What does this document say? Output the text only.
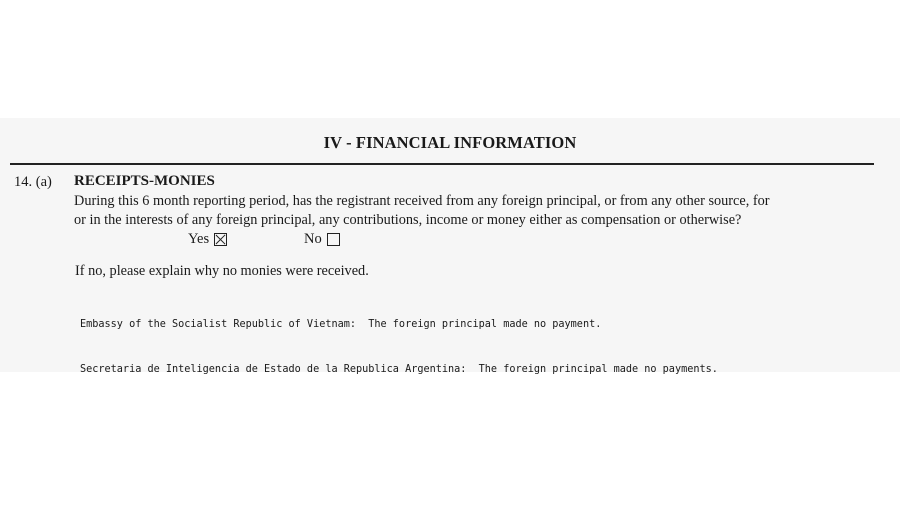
IV - FINANCIAL INFORMATION
14. (a) RECEIPTS-MONIES
During this 6 month reporting period, has the registrant received from any foreign principal, or from any other source, for
or in the interests of any foreign principal, any contributions, income or money either as compensation or otherwise?
Yes	No
If no, please explain why no monies were received.

Embassy of the Socialist Republic of Vietnam:  The foreign principal made no payment.

Secretaria de Inteligencia de Estado de la Republica Argentina:  The foreign principal made no payments.
